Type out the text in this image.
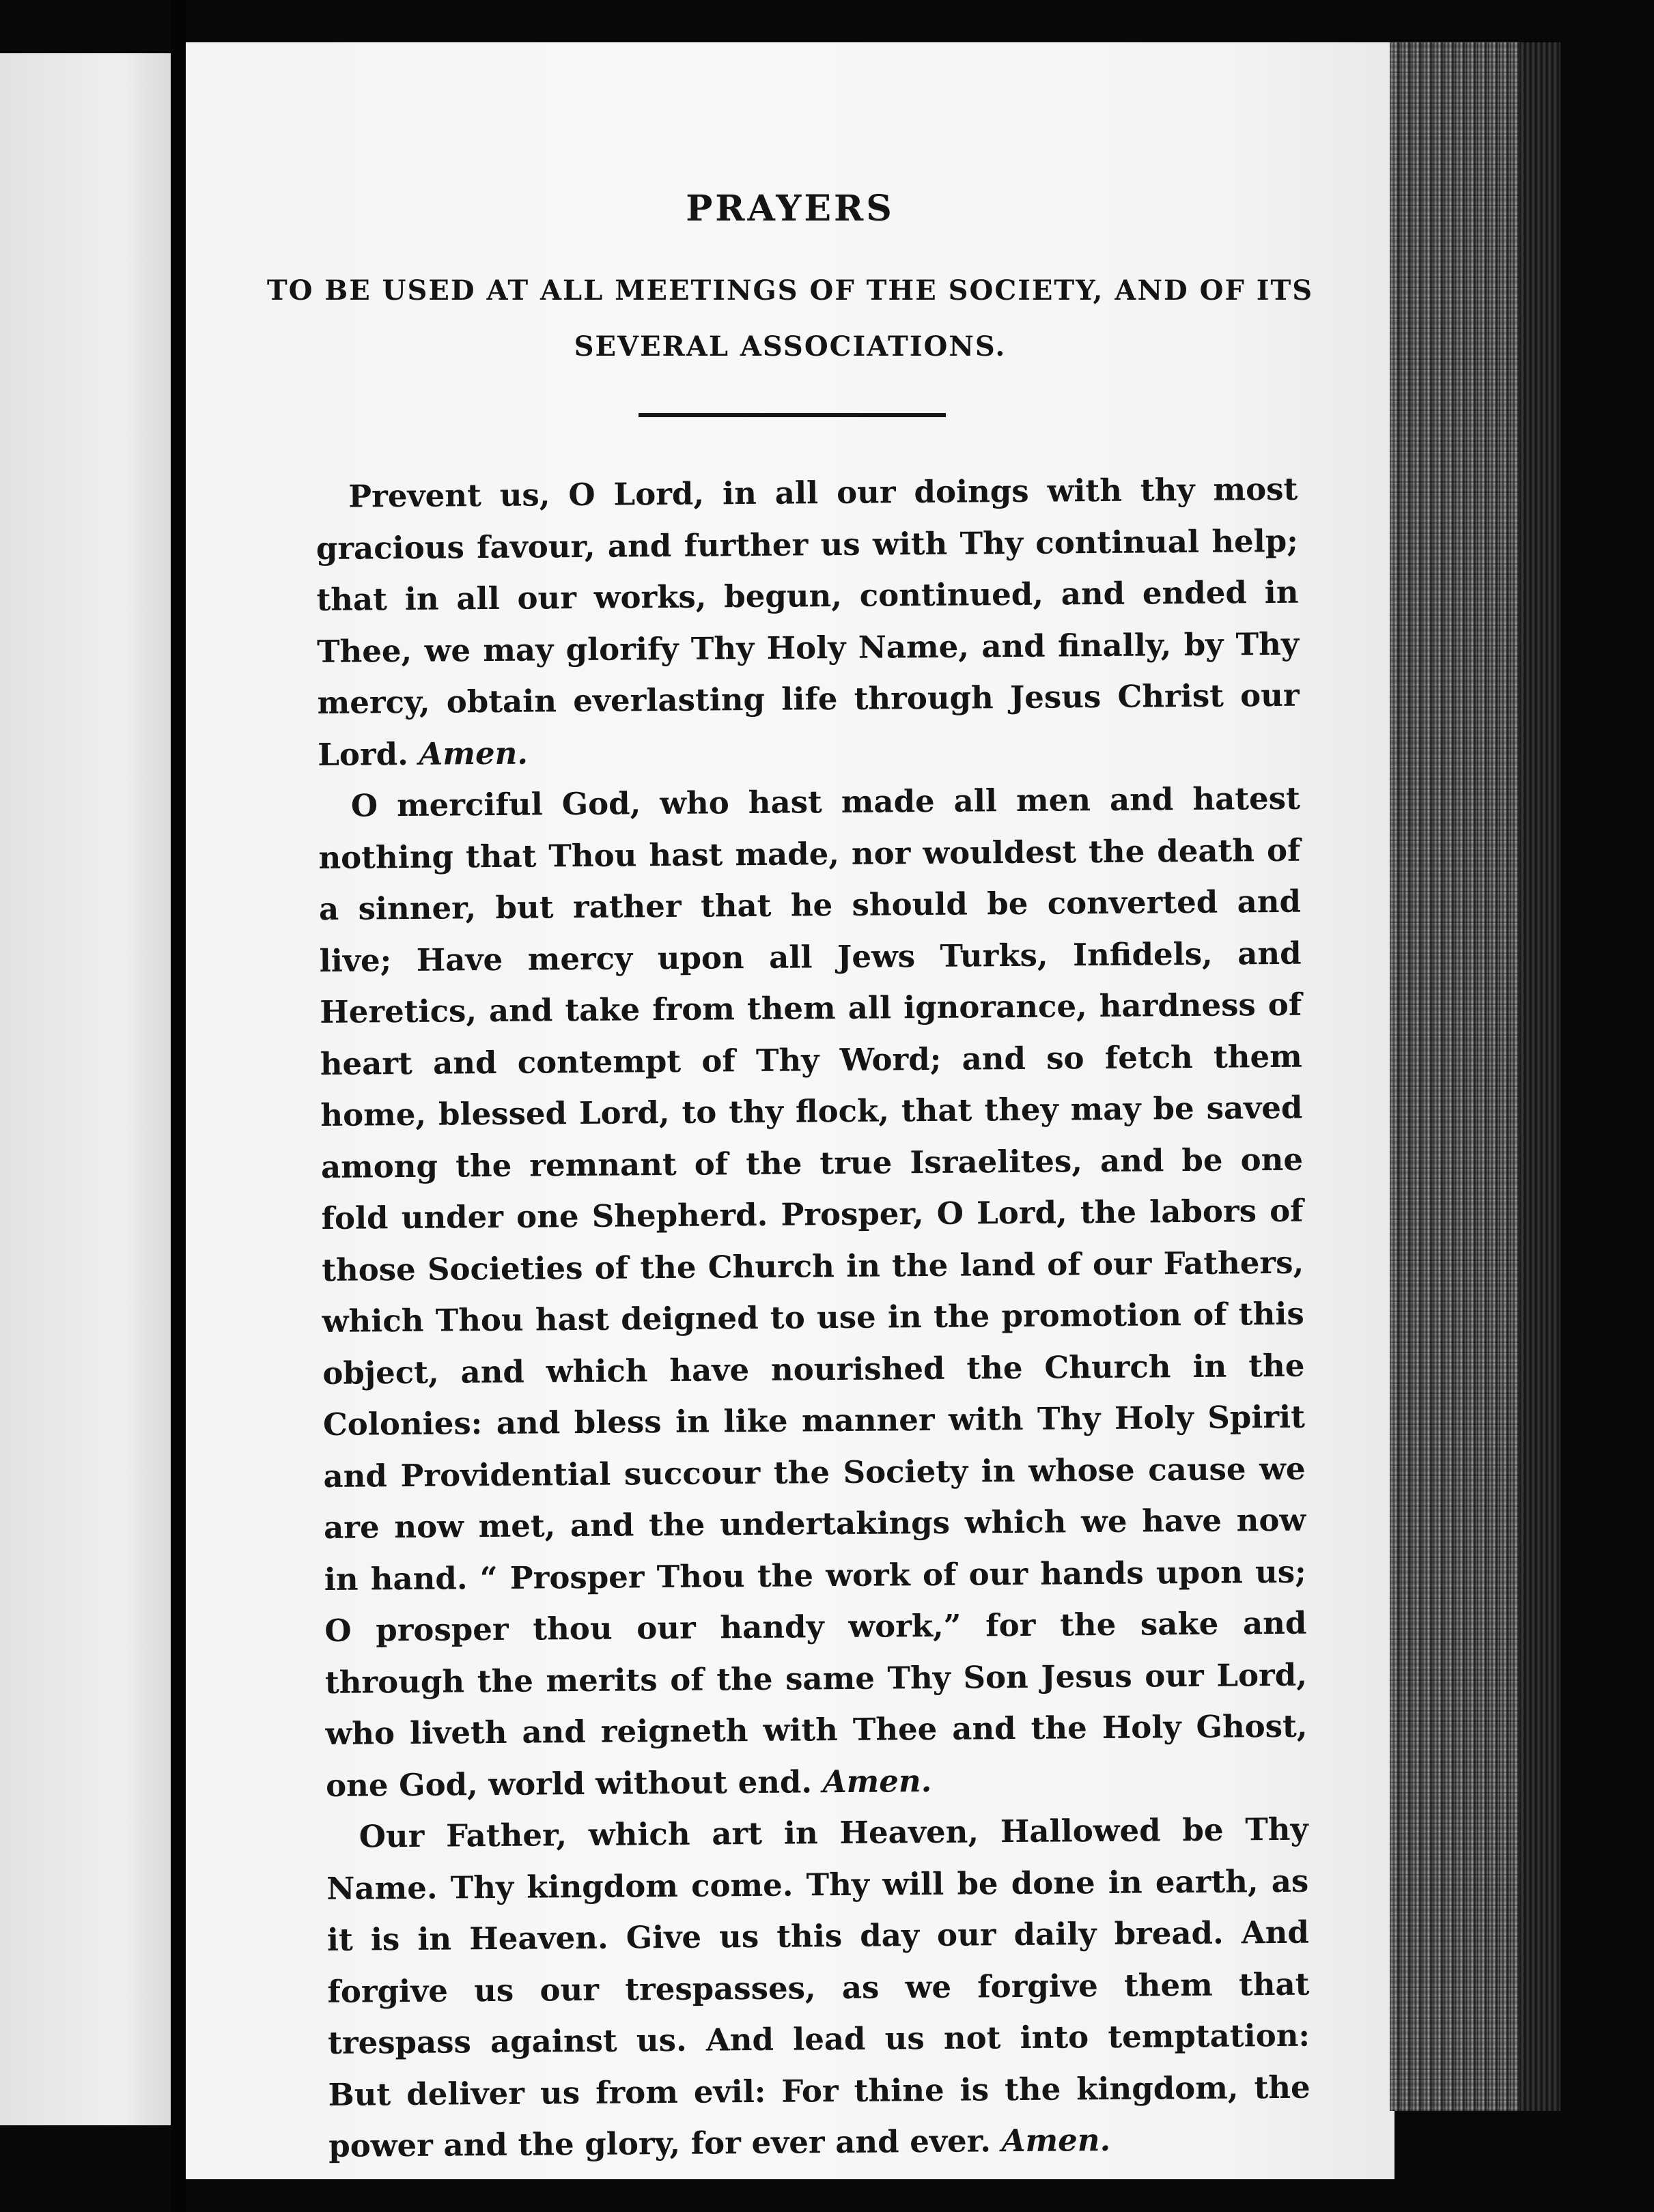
PRAYERS
TO BE USED AT ALL MEETINGS OF THE SOCIETY, AND OF ITS SEVERAL ASSOCIATIONS.

Prevent us, O Lord, in all our doings with thy most gracious favour, and further us with Thy continual help; that in all our works, begun, continued, and ended in Thee, we may glorify Thy Holy Name, and finally, by Thy mercy, obtain everlasting life through Jesus Christ our Lord. Amen.

O merciful God, who hast made all men and hatest nothing that Thou hast made, nor wouldest the death of a sinner, but rather that he should be converted and live; Have mercy upon all Jews Turks, Infidels, and Heretics, and take from them all ignorance, hardness of heart and contempt of Thy Word; and so fetch them home, blessed Lord, to thy flock, that they may be saved among the remnant of the true Israelites, and be one fold under one Shepherd. Prosper, O Lord, the labors of those Societies of the Church in the land of our Fathers, which Thou hast deigned to use in the promotion of this object, and which have nourished the Church in the Colonies: and bless in like manner with Thy Holy Spirit and Providential succour the Society in whose cause we are now met, and the undertakings which we have now in hand. “ Prosper Thou the work of our hands upon us; O prosper thou our handy work,” for the sake and through the merits of the same Thy Son Jesus our Lord, who liveth and reigneth with Thee and the Holy Ghost, one God, world without end. Amen.

Our Father, which art in Heaven, Hallowed be Thy Name. Thy kingdom come. Thy will be done in earth, as it is in Heaven. Give us this day our daily bread. And forgive us our trespasses, as we forgive them that trespass against us. And lead us not into temptation: But deliver us from evil: For thine is the kingdom, the power and the glory, for ever and ever. Amen.
